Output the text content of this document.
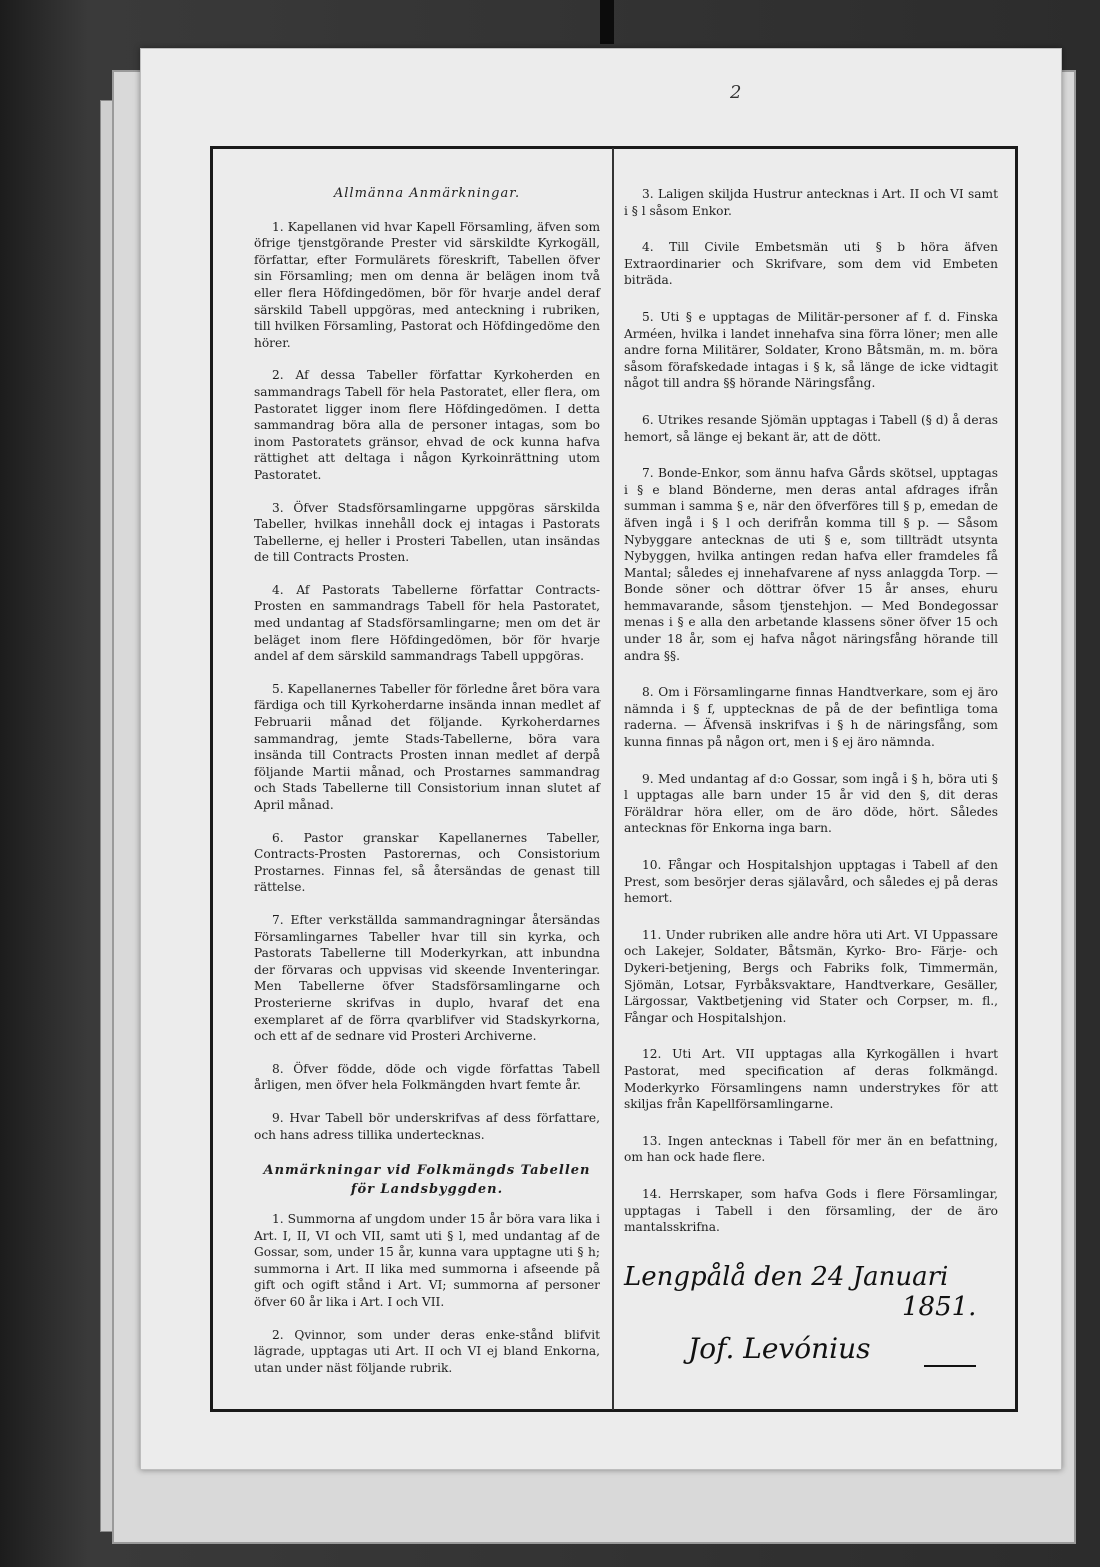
2

Allmänna Anmärkningar.

1. Kapellanen vid hvar Kapell Församling, äfven som öfrige tjenstgörande Prester vid särskildte Kyrkogäll, författar, efter Formulärets föreskrift, Tabellen öfver sin Församling; men om denna är belägen inom två eller flera Höfdingedömen, bör för hvarje andel deraf särskild Tabell uppgöras, med anteckning i rubriken, till hvilken Församling, Pastorat och Höfdingedöme den hörer.

2. Af dessa Tabeller författar Kyrkoherden en sammandrags Tabell för hela Pastoratet, eller flera, om Pastoratet ligger inom flere Höfdingedömen. I detta sammandrag böra alla de personer intagas, som bo inom Pastoratets gränsor, ehvad de ock kunna hafva rättighet att deltaga i någon Kyrkoinrättning utom Pastoratet.

3. Öfver Stadsförsamlingarne uppgöras särskilda Tabeller, hvilkas innehåll dock ej intagas i Pastorats Tabellerne, ej heller i Prosteri Tabellen, utan insändas de till Contracts Prosten.

4. Af Pastorats Tabellerne författar Contracts-Prosten en sammandrags Tabell för hela Pastoratet, med undantag af Stadsförsamlingarne; men om det är beläget inom flere Höfdingedömen, bör för hvarje andel af dem särskild sammandrags Tabell uppgöras.

5. Kapellanernes Tabeller för förledne året böra vara färdiga och till Kyrkoherdarne insända innan medlet af Februarii månad det följande. Kyrkoherdarnes sammandrag, jemte Stads-Tabellerne, böra vara insända till Contracts Prosten innan medlet af derpå följande Martii månad, och Prostarnes sammandrag och Stads Tabellerne till Consistorium innan slutet af April månad.

6. Pastor granskar Kapellanernes Tabeller, Contracts-Prosten Pastorernas, och Consistorium Prostarnes. Finnas fel, så återsändas de genast till rättelse.

7. Efter verkställda sammandragningar återsändas Församlingarnes Tabeller hvar till sin kyrka, och Pastorats Tabellerne till Moderkyrkan, att inbundna der förvaras och uppvisas vid skeende Inventeringar. Men Tabellerne öfver Stadsförsamlingarne och Prosterierne skrifvas in duplo, hvaraf det ena exemplaret af de förra qvarblifver vid Stadskyrkorna, och ett af de sednare vid Prosteri Archiverne.

8. Öfver födde, döde och vigde författas Tabell årligen, men öfver hela Folkmängden hvart femte år.

9. Hvar Tabell bör underskrifvas af dess författare, och hans adress tillika undertecknas.

Anmärkningar vid Folkmängds Tabellen
för Landsbyggden.

1. Summorna af ungdom under 15 år böra vara lika i Art. I, II, VI och VII, samt uti § l, med undantag af de Gossar, som, under 15 år, kunna vara upptagne uti § h; summorna i Art. II lika med summorna i afseende på gift och ogift stånd i Art. VI; summorna af personer öfver 60 år lika i Art. I och VII.

2. Qvinnor, som under deras enke-stånd blifvit lägrade, upptagas uti Art. II och VI ej bland Enkorna, utan under näst följande rubrik.

3. Laligen skiljda Hustrur antecknas i Art. II och VI samt i § l såsom Enkor.

4. Till Civile Embetsmän uti § b höra äfven Extraordinarier och Skrifvare, som dem vid Embeten biträda.

5. Uti § e upptagas de Militär-personer af f. d. Finska Arméen, hvilka i landet innehafva sina förra löner; men alle andre forna Militärer, Soldater, Krono Båtsmän, m. m. böra såsom förafskedade intagas i § k, så länge de icke vidtagit något till andra §§ hörande Näringsfång.

6. Utrikes resande Sjömän upptagas i Tabell (§ d) å deras hemort, så länge ej bekant är, att de dött.

7. Bonde-Enkor, som ännu hafva Gårds skötsel, upptagas i § e bland Bönderne, men deras antal afdrages ifrån summan i samma § e, när den öfverföres till § p, emedan de äfven ingå i § l och derifrån komma till § p. — Såsom Nybyggare antecknas de uti § e, som tillträdt utsynta Nybyggen, hvilka antingen redan hafva eller framdeles få Mantal; således ej innehafvarene af nyss anlaggda Torp. — Bonde söner och döttrar öfver 15 år anses, ehuru hemmavarande, såsom tjenstehjon. — Med Bondegossar menas i § e alla den arbetande klassens söner öfver 15 och under 18 år, som ej hafva något näringsfång hörande till andra §§.

8. Om i Församlingarne finnas Handtverkare, som ej äro nämnda i § f, upptecknas de på de der befintliga toma raderna. — Äfvensä inskrifvas i § h de näringsfång, som kunna finnas på någon ort, men i § ej äro nämnda.

9. Med undantag af d:o Gossar, som ingå i § h, böra uti § l upptagas alle barn under 15 år vid den §, dit deras Föräldrar höra eller, om de äro döde, hört. Således antecknas för Enkorna inga barn.

10. Fångar och Hospitalshjon upptagas i Tabell af den Prest, som besörjer deras själavård, och således ej på deras hemort.

11. Under rubriken alle andre höra uti Art. VI Uppassare och Lakejer, Soldater, Båtsmän, Kyrko- Bro- Färje- och Dykeri-betjening, Bergs och Fabriks folk, Timmermän, Sjömän, Lotsar, Fyrbåksvaktare, Handtverkare, Gesäller, Lärgossar, Vaktbetjening vid Stater och Corpser, m. fl., Fångar och Hospitalshjon.

12. Uti Art. VII upptagas alla Kyrkogällen i hvart Pastorat, med specification af deras folkmängd. Moderkyrko Församlingens namn understrykes för att skiljas från Kapellförsamlingarne.

13. Ingen antecknas i Tabell för mer än en befattning, om han ock hade flere.

14. Herrskaper, som hafva Gods i flere Församlingar, upptagas i Tabell i den församling, der de äro mantalsskrifna.

Lengpålå den 24 Januari
1851.
Jof. Levónius
